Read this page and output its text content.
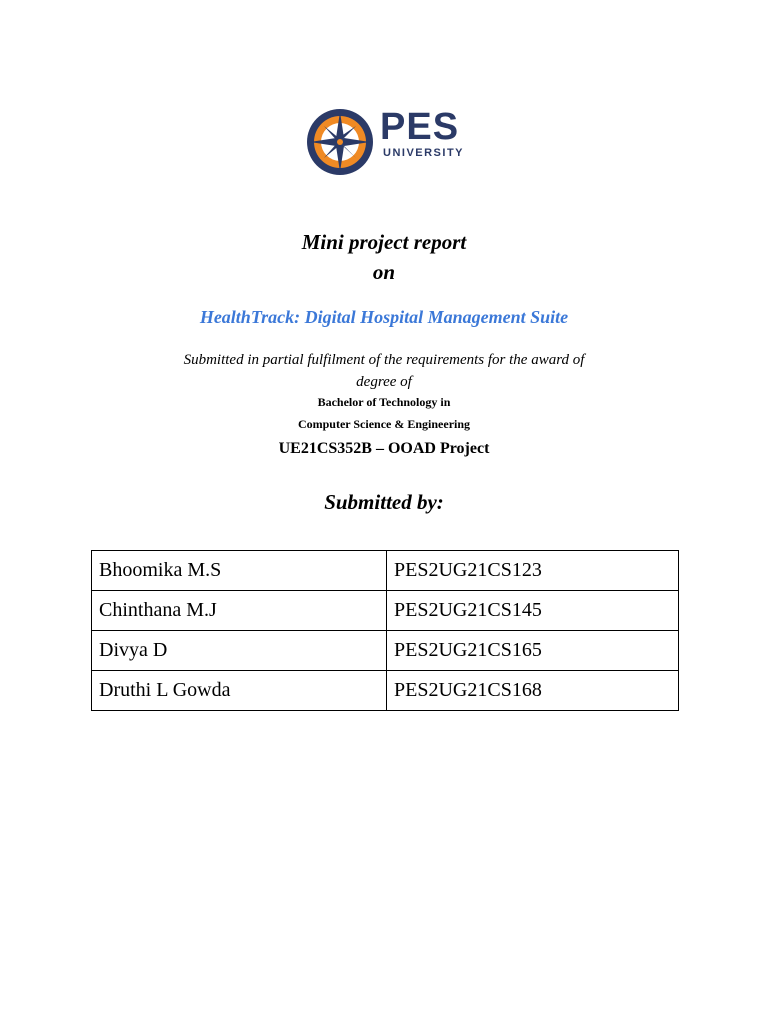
PES
UNIVERSITY
Mini project report
on
HealthTrack: Digital Hospital Management Suite
Submitted in partial fulfilment of the requirements for the award of
degree of
Bachelor of Technology in
Computer Science & Engineering
UE21CS352B – OOAD Project
Submitted by:
Bhoomika M.S	PES2UG21CS123
Chinthana M.J	PES2UG21CS145
Divya D	PES2UG21CS165
Druthi L Gowda	PES2UG21CS168
